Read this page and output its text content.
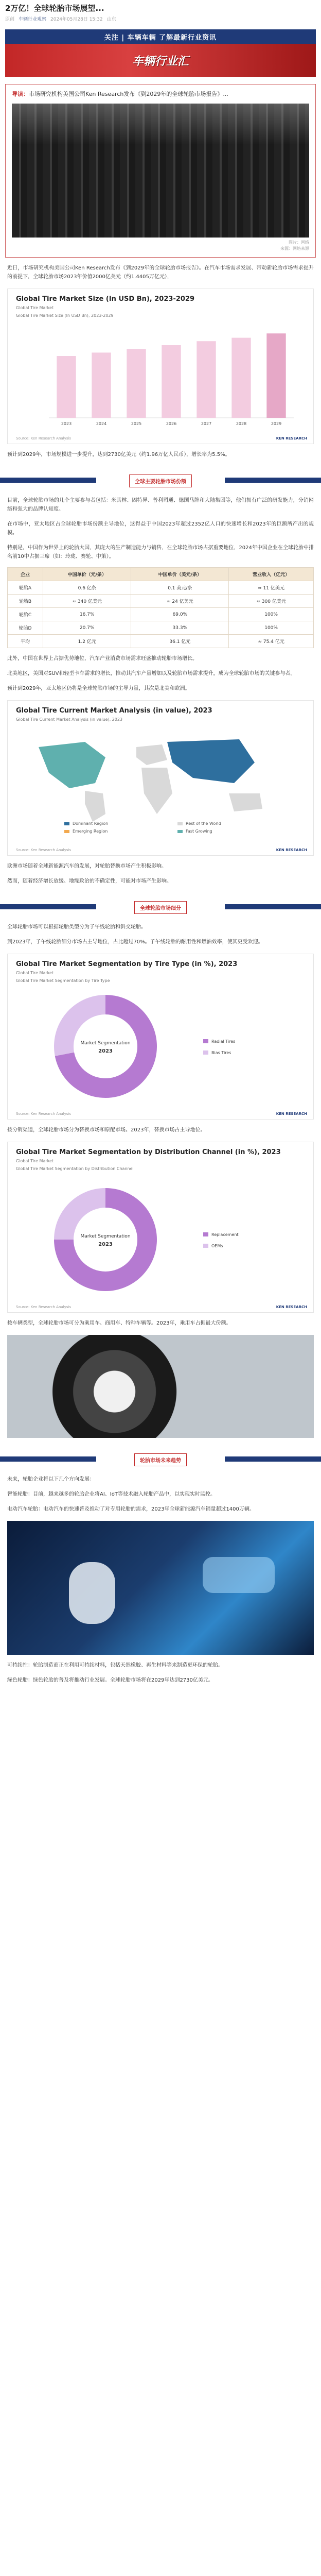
2万亿！全球轮胎市场展望...
原创 车辆行业观察 2024年05月28日 15:32 山东
关注 | 车辆车辆 了解最新行业资讯
车辆行业汇
导读：市场研究机构美国公司Ken Research发布《到2029年的全球轮胎市场报告》...
图片：网络
来源：网络来源

近日，市场研究机构美国公司Ken Research发布《到2029年的全球轮胎市场报告》。在汽车市场需求发展、带动新轮胎市场需求提升的前提下，全球轮胎市场2023年价值2000亿美元（约1.4405万亿元），

Global Tire Market Size (In USD Bn), 2023-2029
Global Tire Market
Global Tire Market Size (In USD Bn), 2023-2029
2023	2024	2025	2026	2027	2028	2029
Source: Ken Research Analysis	KEN RESEARCH

预计到2029年，市场规模进一步提升，达到2730亿美元（约1.96万亿人民币），增长率为5.5%。

全球主要轮胎市场份额

目前，全球轮胎市场的几个主要参与者包括：米其林、固特异、普利司通、德国马牌和大陆集团等，他们拥有广泛的研发能力，分销网络和强大的品牌认知度。

在市场中，亚太地区占全球轮胎市场份额主导地位，这得益于中国2023年超过2352亿人口的快速增长和2023年的巨额所产出的规模。

特别是，中国作为世界上的轮胎大国，其庞大的生产制造能力与销售，在全球轮胎市场占据重要地位，2024年中国企业在全球轮胎中排名前10中占据三席（如：玲珑、赛轮、中策）。

企业	中国单价（元/条）	中国单价（美元/条）	营业收入（亿元）
轮胎A	0.6 亿条	0.1 美元/条	≈ 11 亿美元
轮胎B	≈ 340 亿美元	≈ 24 亿美元	≈ 300 亿美元
轮胎C	16.7%	69.0%	100%
轮胎D	20.7%	33.3%	100%
平均	1.2 亿元	36.1 亿元	≈ 75.4 亿元

此外，中国在世界上占据优势地位，汽车产业消费市场需求旺盛推动轮胎市场增长。

北美地区，美国对SUV和轻型卡车需求的增长，推动其汽车产量增加以及轮胎市场需求提升，成为全球轮胎市场的关键参与者。

预计到2029年，亚太地区仍将是全球轮胎市场的主导力量，其次是北美和欧洲。

Global Tire Current Market Analysis (in value), 2023
Global Tire Current Market Analysis (in value), 2023
Dominant Region
Emerging Region
Rest of the World
Fast Growing
Source: Ken Research Analysis	KEN RESEARCH

欧洲市场随着全球新能源汽车的发展，对轮胎替换市场产生积极影响。

然而，随着经济增长放缓、地缘政治的不确定性，可能对市场产生影响。

全球轮胎市场细分

全球轮胎市场可以根据轮胎类型分为子午线轮胎和斜交轮胎。

到2023年，子午线轮胎细分市场占主导地位，占比超过70%。子午线轮胎的耐用性和燃油效率，使其更受欢迎。

Global Tire Market Segmentation by Tire Type (in %), 2023
Global Tire Market
Global Tire Market Segmentation by Tire Type
Market Segmentation
2023
Radial Tires
Bias Tires
Source: Ken Research Analysis	KEN RESEARCH

按分销渠道，全球轮胎市场分为替换市场和原配市场。2023年，替换市场占主导地位。

Global Tire Market Segmentation by Distribution Channel (in %), 2023
Global Tire Market
Global Tire Market Segmentation by Distribution Channel
Market Segmentation
2023
Replacement
OEMs
Source: Ken Research Analysis	KEN RESEARCH

按车辆类型，全球轮胎市场可分为乘用车、商用车、特种车辆等。2023年，乘用车占据最大份额。

轮胎市场未来趋势

未来，轮胎企业将以下几个方向发展：

智能轮胎：目前，越来越多的轮胎企业将AI、IoT等技术融入轮胎产品中，以实现实时监控。

电动汽车轮胎：电动汽车的快速普及推动了对专用轮胎的需求，2023年全球新能源汽车销量超过1400万辆。

可持续性：轮胎制造商正在利用可持续材料，包括天然橡胶、再生材料等来制造更环保的轮胎。

绿色轮胎：绿色轮胎的普及将推动行业发展。全球轮胎市场将在2029年达到2730亿美元。
